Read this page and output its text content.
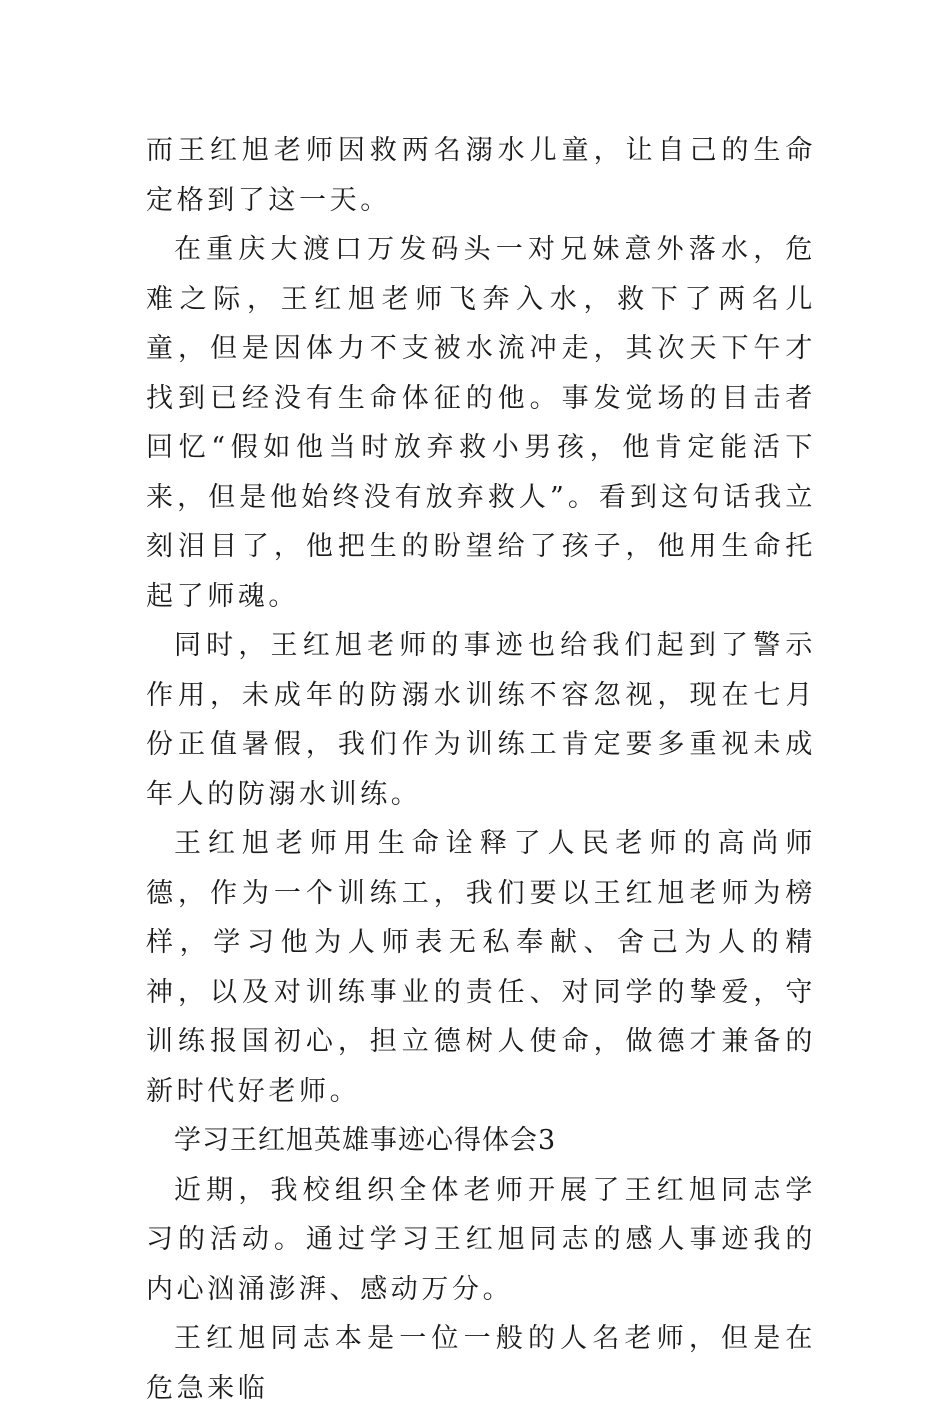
而王红旭老师因救两名溺水儿童，让自己的生命定格到了这一天。

在重庆大渡口万发码头一对兄妹意外落水，危难之际，王红旭老师飞奔入水，救下了两名儿童，但是因体力不支被水流冲走，其次天下午才找到已经没有生命体征的他。事发觉场的目击者回忆“假如他当时放弃救小男孩，他肯定能活下来，但是他始终没有放弃救人”。看到这句话我立刻泪目了，他把生的盼望给了孩子，他用生命托起了师魂。

同时，王红旭老师的事迹也给我们起到了警示作用，未成年的防溺水训练不容忽视，现在七月份正值暑假，我们作为训练工肯定要多重视未成年人的防溺水训练。

王红旭老师用生命诠释了人民老师的高尚师德，作为一个训练工，我们要以王红旭老师为榜样，学习他为人师表无私奉献、舍己为人的精神，以及对训练事业的责任、对同学的挚爱，守训练报国初心，担立德树人使命，做德才兼备的新时代好老师。

学习王红旭英雄事迹心得体会3

近期，我校组织全体老师开展了王红旭同志学习的活动。通过学习王红旭同志的感人事迹我的内心汹涌澎湃、感动万分。

王红旭同志本是一位一般的人名老师，但是在危急来临
